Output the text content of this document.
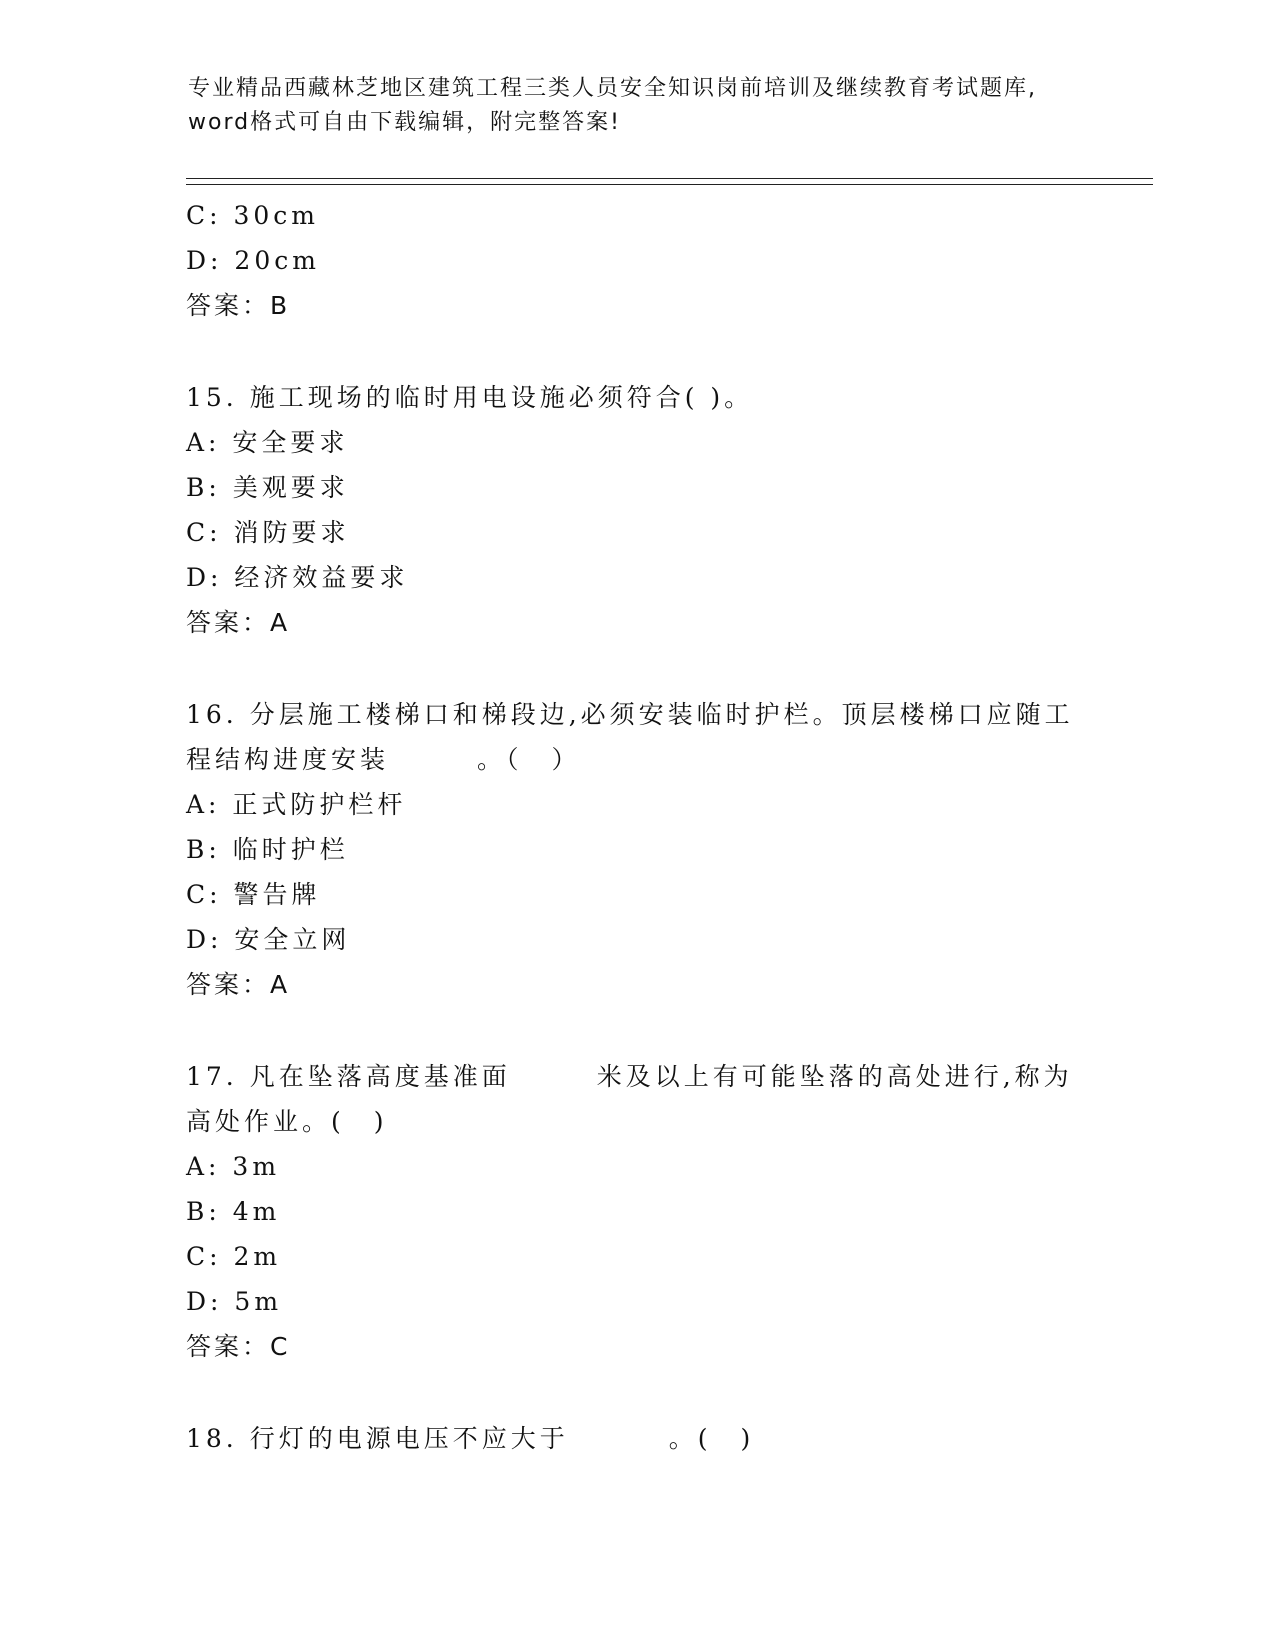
专业精品西藏林芝地区建筑工程三类人员安全知识岗前培训及继续教育考试题库,
word格式可自由下载编辑，附完整答案!
C: 30cm
D: 20cm
答案：B
15. 施工现场的临时用电设施必须符合( )。
A: 安全要求
B: 美观要求
C: 消防要求
D: 经济效益要求
答案：A
16. 分层施工楼梯口和梯段边,必须安装临时护栏。顶层楼梯口应随工
程结构进度安装	。（　）
A: 正式防护栏杆
B: 临时护栏
C: 警告牌
D: 安全立网
答案：A
17. 凡在坠落高度基准面	米及以上有可能坠落的高处进行,称为
高处作业。(　)
A: 3m
B: 4m
C: 2m
D: 5m
答案：C
18. 行灯的电源电压不应大于	。(　)
